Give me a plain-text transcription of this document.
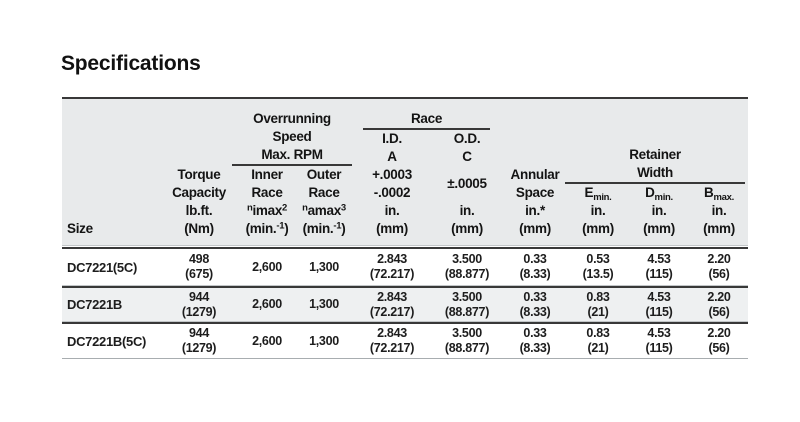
Specifications
Overrunning
Speed
Max. RPM
Race
Retainer
Width
Size
Torque
Capacity
lb.ft.
(Nm)
Inner
Race
$^n$imax$^2$
(min.$^{-1}$)
Outer
Race
$^n$amax$^3$
(min.$^{-1}$)
I.D.
A
+.0003
-.0002
in.
(mm)
O.D.
C
±.0005
in.
(mm)
Annular
Space
in.*
(mm)
$E_{min.}$
in.
(mm)
$D_{min.}$
in.
(mm)
$B_{max.}$
in.
(mm)
DC7221(5C)
498
(675)
2,600 1,300
2.843
(72.217)
3.500
(88.877)
0.33
(8.33)
0.53
(13.5)
4.53
(115)
2.20
(56)
DC7221B
944
(1279)
2,600 1,300
2.843
(72.217)
3.500
(88.877)
0.33
(8.33)
0.83
(21)
4.53
(115)
2.20
(56)
DC7221B(5C)
944
(1279)
2,600 1,300
2.843
(72.217)
3.500
(88.877)
0.33
(8.33)
0.83
(21)
4.53
(115)
2.20
(56)
